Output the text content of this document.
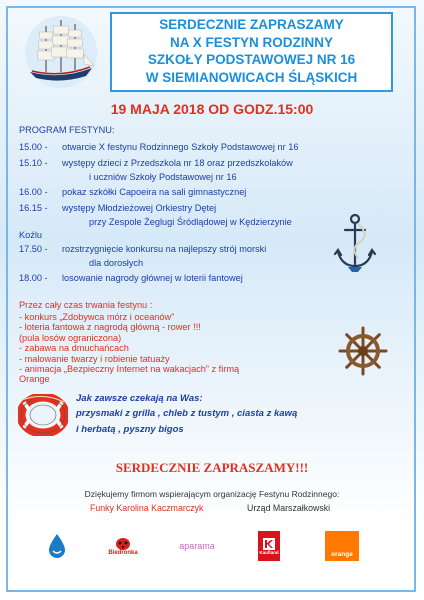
SERDECZNIE ZAPRASZAMY
NA X FESTYN RODZINNY
SZKOŁY PODSTAWOWEJ NR 16
W SIEMIANOWICACH ŚLĄSKICH
19 MAJA 2018 OD GODZ.15:00
PROGRAM FESTYNU:
15.00 - otwarcie X festynu Rodzinnego Szkoły Podstawowej nr 16
15.10 - występy dzieci z Przedszkola nr 18 oraz przedszkolaków
i uczniów Szkoły Podstawowej nr 16
16.00 - pokaz szkółki Capoeira na sali gimnastycznej
16.15 - występy Młodzieżowej Orkiestry Dętej
przy Zespole Żeglugi Śródlądowej w Kędzierzynie
Koźlu
17.50 - rozstrzygnięcie konkursu na najlepszy strój morski
dla dorosłych
18.00 - losowanie nagrody głównej w loterii fantowej
Przez cały czas trwania festynu :
- konkurs „Zdobywca mórz i oceanów”
- loteria fantowa z nagrodą główną - rower !!!
(pula losów ograniczona)
- zabawa na dmuchańcach
- malowanie twarzy i robienie tatuaży
- animacja „Bezpieczny Internet na wakacjach” z firmą
Orange
Jak zawsze czekają na Was:
przysmaki z grilla , chleb z tustym , ciasta z kawą
i herbatą , pyszny bigos
SERDECZNIE ZAPRASZAMY!!!
Dziękujemy firmom wspierającym organizację Festynu Rodzinnego:
Funky Karolina Kaczmarczyk	Urząd Marszałkowski
Biedronka
aparama
Kaufland	orange
